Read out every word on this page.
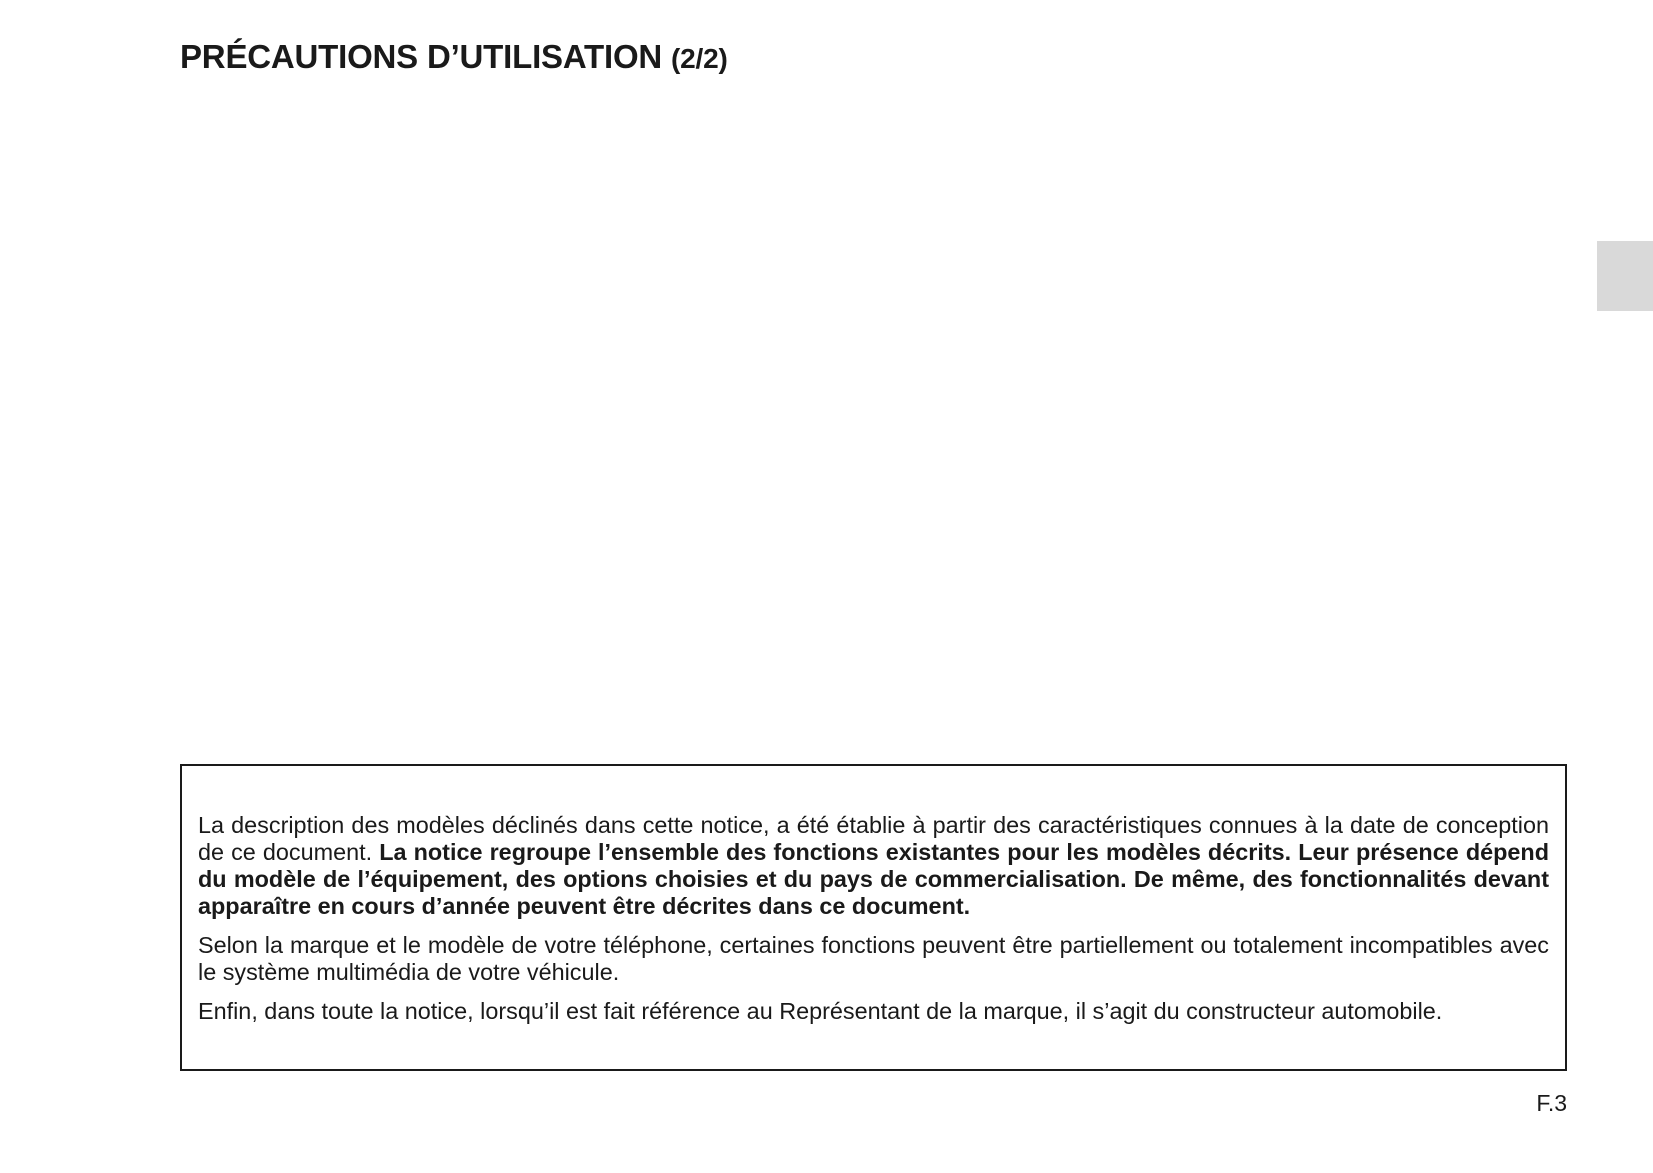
PRÉCAUTIONS D’UTILISATION (2/2)

La description des modèles déclinés dans cette notice, a été établie à partir des caractéristiques connues à la date de conception de ce document. La notice regroupe l’ensemble des fonctions existantes pour les modèles décrits. Leur présence dépend du modèle de l’équipement, des options choisies et du pays de commercialisation. De même, des fonctionnalités devant apparaître en cours d’année peuvent être décrites dans ce document.

Selon la marque et le modèle de votre téléphone, certaines fonctions peuvent être partiellement ou totalement incompatibles avec le système multimédia de votre véhicule.

Enfin, dans toute la notice, lorsqu’il est fait référence au Représentant de la marque, il s’agit du constructeur automobile.

F.3
